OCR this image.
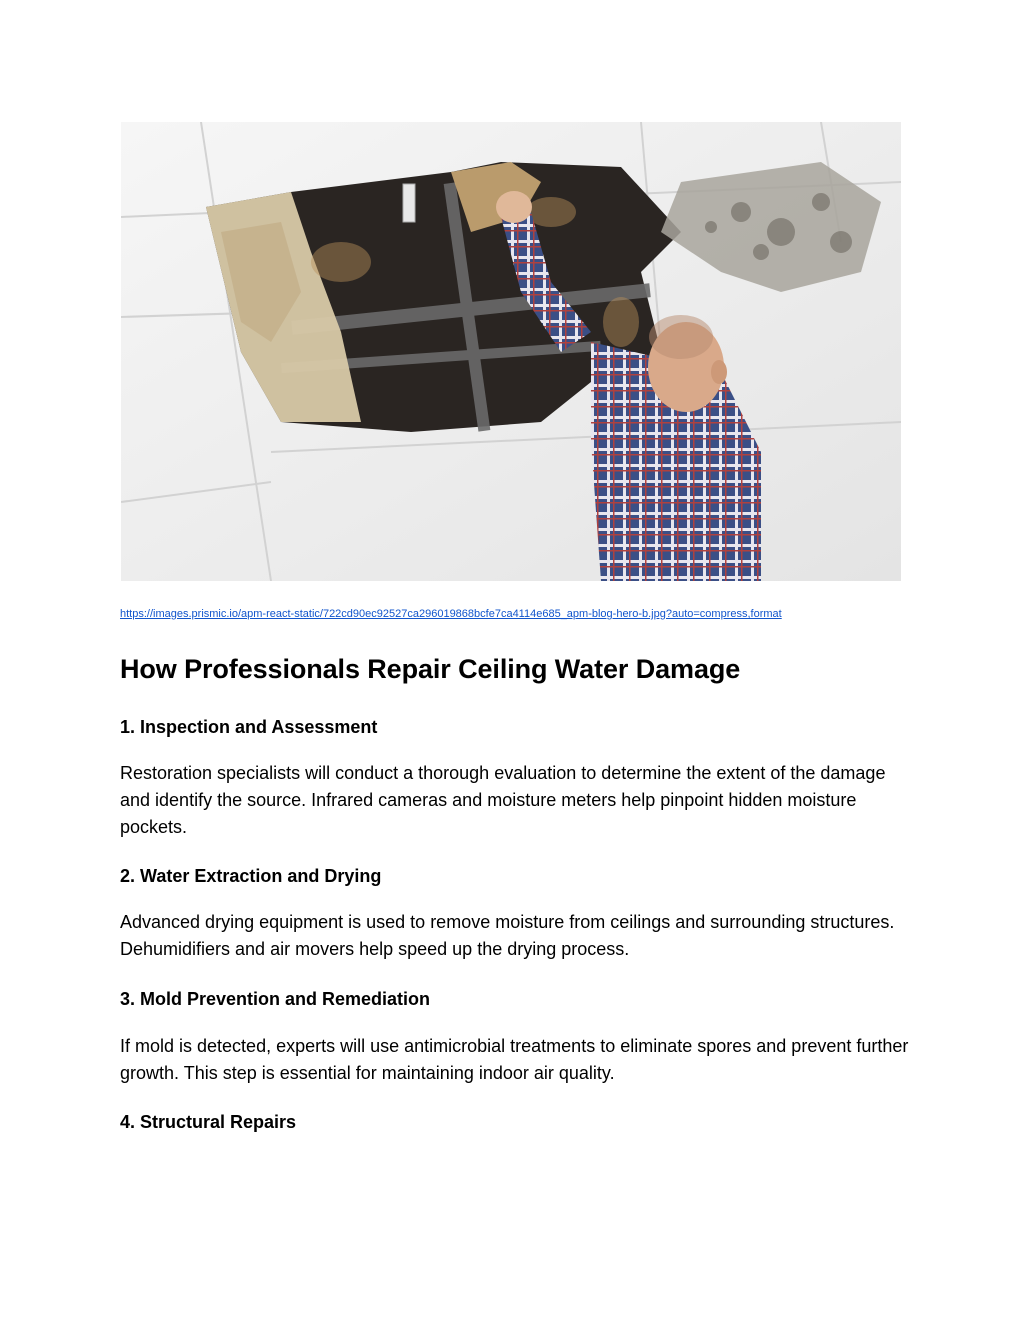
https://images.prismic.io/apm-react-static/722cd90ec92527ca296019868bcfe7ca4114e685_apm-blog-hero-b.jpg?auto=compress,format
How Professionals Repair Ceiling Water Damage
1. Inspection and Assessment

Restoration specialists will conduct a thorough evaluation to determine the extent of the damage and identify the source. Infrared cameras and moisture meters help pinpoint hidden moisture pockets.

2. Water Extraction and Drying

Advanced drying equipment is used to remove moisture from ceilings and surrounding structures. Dehumidifiers and air movers help speed up the drying process.

3. Mold Prevention and Remediation

If mold is detected, experts will use antimicrobial treatments to eliminate spores and prevent further growth. This step is essential for maintaining indoor air quality.

4. Structural Repairs
